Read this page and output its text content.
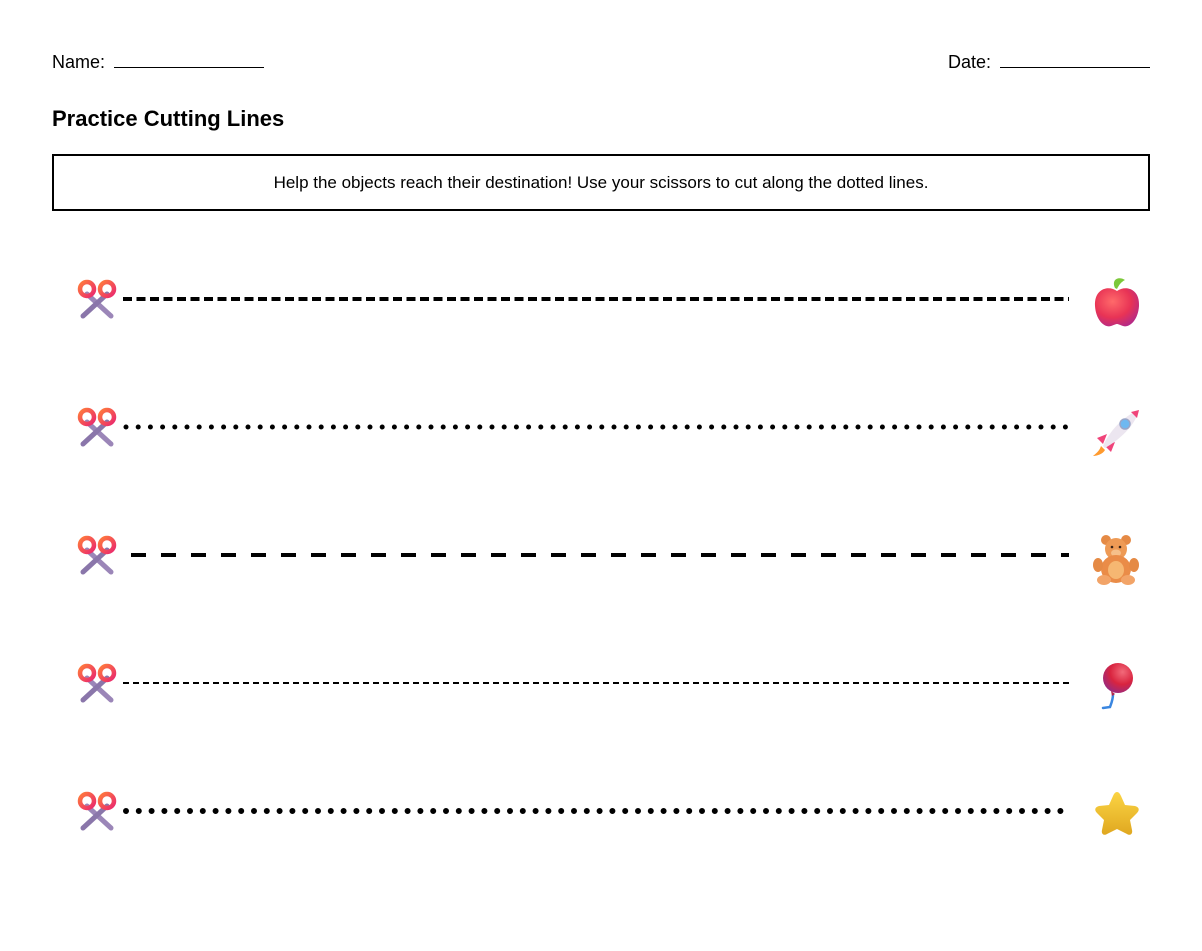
Name:	Date:
Practice Cutting Lines
Help the objects reach their destination! Use your scissors to cut along the dotted lines.
